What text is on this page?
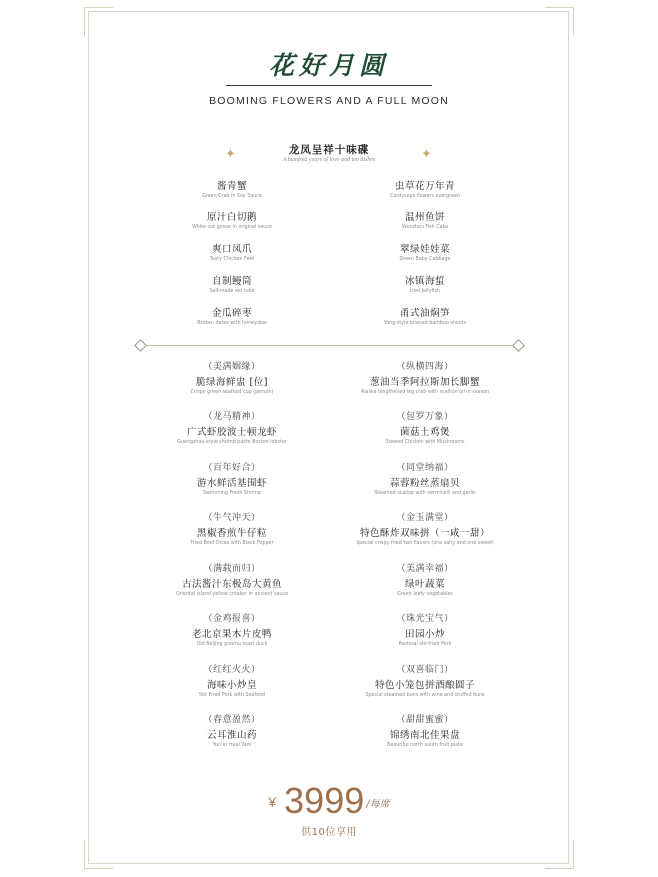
花好月圆
BOOMING FLOWERS AND A FULL MOON
✦	✦
龙凤呈祥十味碟
A hundred years of love and ten dishes
酱青蟹
Green Crab in Soy Sauce
原汁白切鹅
White cut goose in original sauce
爽口凤爪
Tasty Chicken Feet
自制鳗筒
Self-made eel tube
金瓜碎枣
Broken dates with honeydew
虫草花万年青
Cordyceps flowers evergreen
温州鱼饼
Wenzhou Fish Cake
翠绿娃娃菜
Green Baby Cabbage
冰镇海蜇
Iced Jellyfish
甬式油焖笋
Yong-style braised bamboo shoots
（美满姻缘）
脆绿海鲜盅 [位]
Crispy green seafood cup (person)
（龙马精神）
广式虾胶波士顿龙虾
Guangzhou-style shrimp paste Boston lobster
（百年好合）
游水鲜活基围虾
Swimming Fresh Shrimp
（牛气冲天）
黑椒香煎牛仔粒
Fried Beef Dices with Black Pepper
（满载而归）
古法酱汁东极岛大黄鱼
Oriental island yellow croaker in ancient sauce
（金鸡报喜）
老北京果木片皮鸭
Old Beijing guomu roast duck
（红红火火）
海味小炒皇
Stir Fried Pork with Seafood
（春意盈然）
云耳淮山药
Yun'er Huai Yam
（纵横四海）
葱油当季阿拉斯加长脚蟹
Alaska lengthened leg crab with scallion oil in season
（包罗万象）
菌菇土鸡煲
Stewed Chicken with Mushrooms
（同堂纳福）
蒜蓉粉丝蒸扇贝
Steamed scallop with vermicelli and garlic
（金玉满堂）
特色酥炸双味拼（一咸一甜）
Special crispy fried two flavors (one salty and one sweet)
（美满幸福）
绿叶蔬菜
Green leafy vegetables
（珠光宝气）
田园小炒
Pastoral stir-fried Pork
（双喜临门）
特色小笼包拼酒酿圆子
Special steamed buns with wine and stuffed buns
（甜甜蜜蜜）
锦绣南北佳果盘
Beautiful north south fruit plate
¥ 3999 /每席
供10位享用
